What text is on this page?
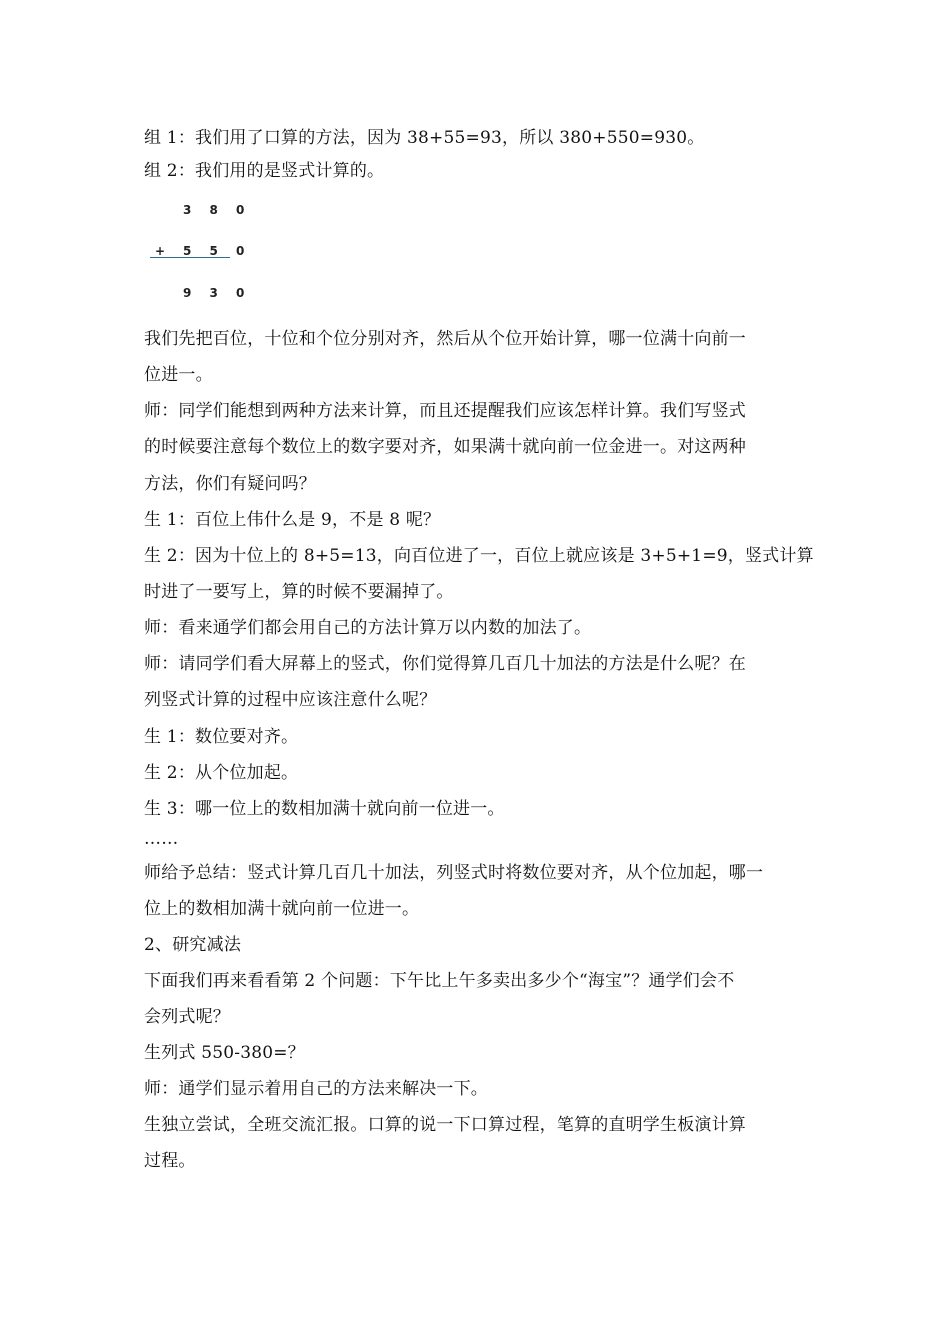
组 1：我们用了口算的方法，因为 38+55=93，所以 380+550=930。
组 2：我们用的是竖式计算的。
3 8 0
+ 5 5 0
9 3 0
我们先把百位，十位和个位分别对齐，然后从个位开始计算，哪一位满十向前一
位进一。
师：同学们能想到两种方法来计算，而且还提醒我们应该怎样计算。我们写竖式
的时候要注意每个数位上的数字要对齐，如果满十就向前一位金进一。对这两种
方法，你们有疑问吗？
生 1：百位上伟什么是 9，不是 8 呢？
生 2：因为十位上的 8+5=13，向百位进了一，百位上就应该是 3+5+1=9，竖式计算
时进了一要写上，算的时候不要漏掉了。
师：看来通学们都会用自己的方法计算万以内数的加法了。
师：请同学们看大屏幕上的竖式，你们觉得算几百几十加法的方法是什么呢？在
列竖式计算的过程中应该注意什么呢？
生 1：数位要对齐。
生 2：从个位加起。
生 3：哪一位上的数相加满十就向前一位进一。
……
师给予总结：竖式计算几百几十加法，列竖式时将数位要对齐，从个位加起，哪一
位上的数相加满十就向前一位进一。
2、研究减法
下面我们再来看看第 2 个问题：下午比上午多卖出多少个“海宝”？通学们会不
会列式呢？
生列式 550-380=？
师：通学们显示着用自己的方法来解决一下。
生独立尝试，全班交流汇报。口算的说一下口算过程，笔算的直明学生板演计算
过程。
